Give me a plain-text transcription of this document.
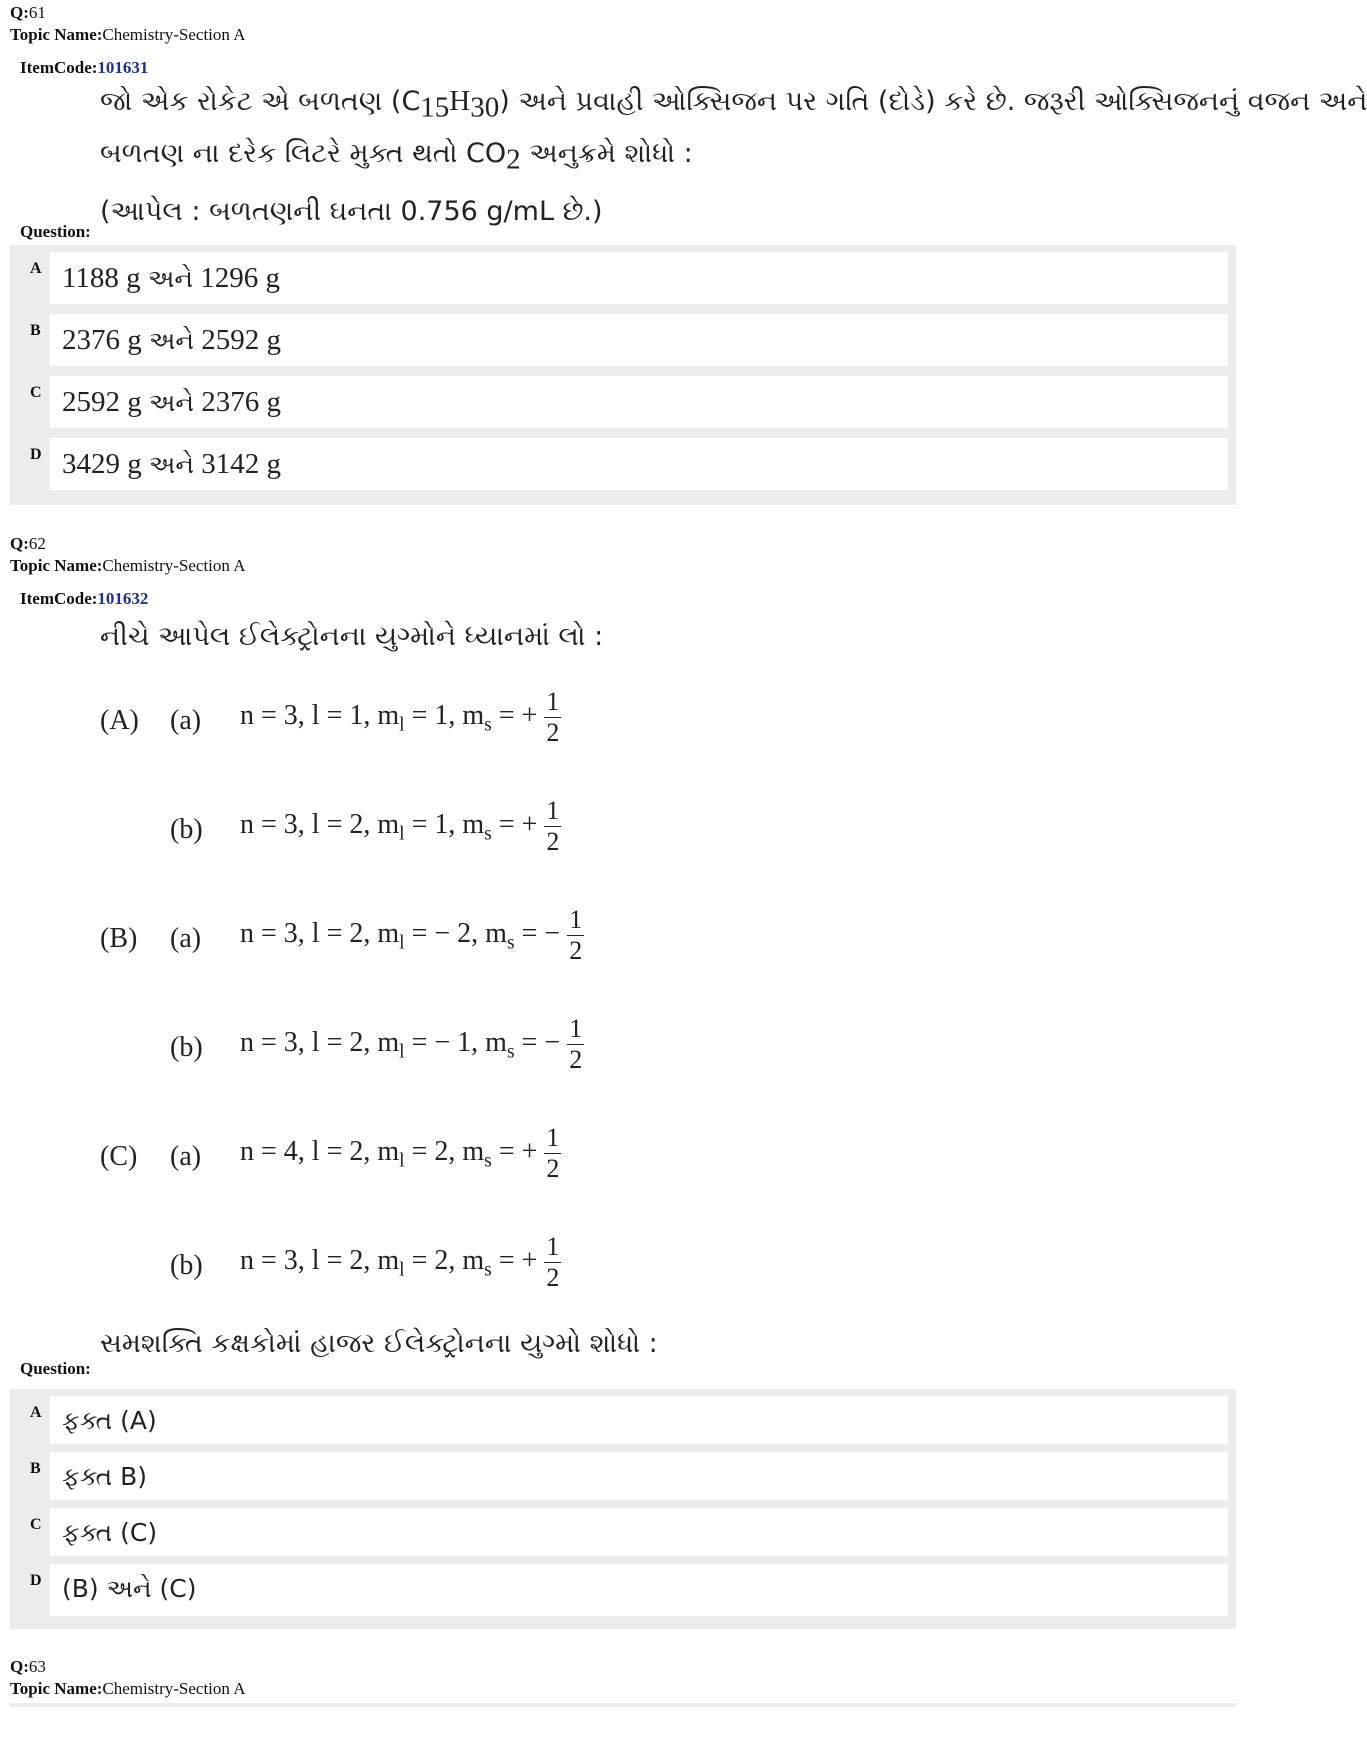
Q:61
Topic Name:Chemistry-Section A
ItemCode:101631
જો એક રોકેટ એ બળતણ $(C_{15}H_{30})$ અને પ્રવાહી ઓક્સિજન પર ગતિ (દોડે) કરે છે. જરૂરી ઓક્સિજનનું વજન અને
બળતણ ના દરેક લિટરે મુક્ત થતો $CO_2$ અનુક્રમે શોધો :
(આપેલ : બળતણની ઘનતા 0.756 g/mL છે.)
Question:
A 1188 g અને 1296 g
B 2376 g અને 2592 g
C 2592 g અને 2376 g
D 3429 g અને 3142 g
Q:62
Topic Name:Chemistry-Section A
ItemCode:101632
નીચે આપેલ ઈલેક્ટ્રોનના યુગ્મોને ધ્યાનમાં લો :
(A) (a) n = 3, l = 1, $m_l = 1$, $m_s$ = + $\frac{1}{2}$
(b) n = 3, l = 2, $m_l = 1$, $m_s$ = + $\frac{1}{2}$
(B) (a) n = 3, l = 2, $m_l$ = − 2, $m_s$ = − $\frac{1}{2}$
(b) n = 3, l = 2, $m_l$ = − 1, $m_s$ = − $\frac{1}{2}$
(C) (a) n = 4, l = 2, $m_l = 2$, $m_s$ = + $\frac{1}{2}$
(b) n = 3, l = 2, $m_l = 2$, $m_s$ = + $\frac{1}{2}$
સમશક્તિ કક્ષકોમાં હાજર ઈલેક્ટ્રોનના યુગ્મો શોધો :
Question:
A ફક્ત (A)
B ફક્ત B)
C ફક્ત (C)
D (B) અને (C)
Q:63
Topic Name:Chemistry-Section A
